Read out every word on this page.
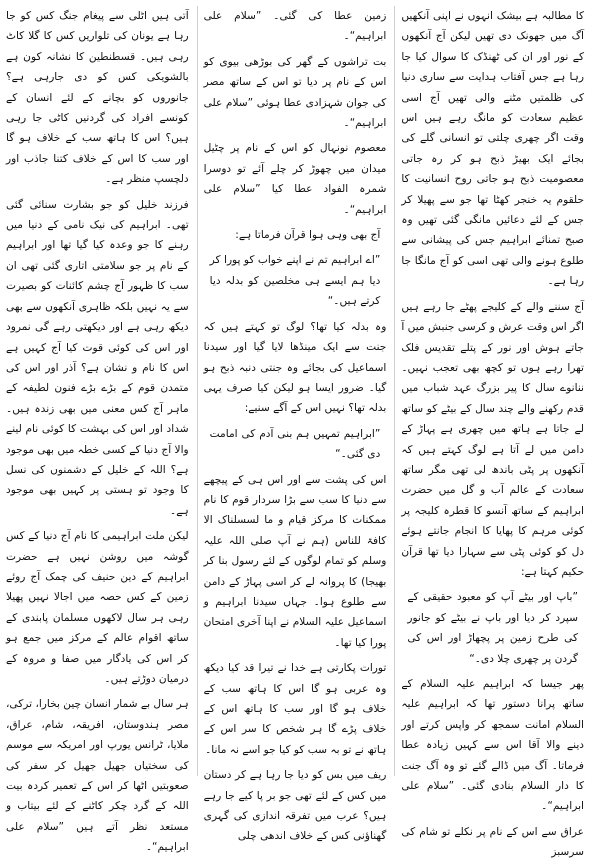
کا مطالبہ ہے بیشک انہوں نے اپنی آنکھیں آگ میں جھونک دی تھیں لیکن آج آنکھوں کے نور اور ان کی ٹھنڈک کا سوال کیا جا رہا ہے جس آفتاب ہدایت سے ساری دنیا کی ظلمتیں مٹنے والی تھیں آج اسی عظیم سعادت کو مانگ رہے ہیں اس وقت اگر چھری چلتی تو انسانی گلے کی بجائے ایک بھیڑ ذبح ہو کر رہ جاتی معصومیت ذبح ہو جاتی روح انسانیت کا حلقوم یہ خنجر کھٹا تھا جو سے پھیلا کر جس کے لئے دعائیں مانگی گئی تھیں وہ صبح تمنائے ابراہیم جس کی پیشانی سے طلوع ہونے والی تھی اسی کو آج مانگا جا رہا ہے۔

آج سننے والے کے کلیجے پھٹے جا رہے ہیں اگر اس وقت عرش و کرسی جنبش میں آ جاتے ہوش اور نور کے پتلے تقدیس فلک تھرا رہے ہوں تو کچھ بھی تعجب نہیں۔ ننانوے سال کا پیر بزرگ عہد شباب میں قدم رکھنے والے چند سال کے بیٹے کو ساتھ لے جاتا ہے ہاتھ میں چھری ہے پہاڑ کے دامن میں لے آتا ہے لوگ کہتے ہیں کہ آنکھوں پر پٹی باندھ لی تھی مگر ساتھ سعادت کے عالم آب و گل میں حضرت ابراہیم کے ساتھ آنسو کا قطرہ کلیجہ پر کوئی مرہم کا پھایا کا انجام جانتے ہوئے دل کو کوئی پٹی سے سہارا دیا تھا قرآن حکیم کہتا ہے:

”باپ اور بیٹے آپ کو معبود حقیقی کے سپرد کر دیا اور باپ نے بیٹے کو جانور کی طرح زمین پر پچھاڑ اور اس کی گردن پر چھری چلا دی۔“

پھر جیسا کہ ابراہیم علیہ السلام کے ساتھ پرانا دستور تھا کہ ابراہیم علیہ السلام امانت سمجھ کر واپس کرتے اور دینے والا آقا اس سے کہیں زیادہ عطا فرماتا۔ آگ میں ڈالے گئے تو وہ آگ جنت کا دار السلام بنادی گئی۔ ”سلام علی ابراہیم“۔

عراق سے اس کے نام پر نکلے تو شام کی سرسبز

زمین عطا کی گئی۔ ”سلام علی ابراہیم“۔

بت تراشوں کے گھر کی بوڑھی بیوی کو اس کے نام پر دیا تو اس کے ساتھ مصر کی جوان شہزادی عطا ہوئی ”سلام علی ابراہیم“۔

معصوم نونہال کو اس کے نام پر چٹیل میدان میں چھوڑ کر چلے آئے تو دوسرا شمرہ الفواد عطا کیا ”سلام علی ابراہیم“۔

آج بھی وہی ہوا قرآن فرماتا ہے:

”اے ابراہیم تم نے اپنے خواب کو پورا کر دیا ہم ایسے ہی مخلصین کو بدلہ دیا کرتے ہیں۔“

وہ بدلہ کیا تھا؟ لوگ تو کہتے ہیں کہ جنت سے ایک مینڈھا لایا گیا اور سیدنا اسماعیل کی بجائے وہ جنتی دنبہ ذبح ہو گیا۔ ضرور ایسا ہو لیکن کیا صرف یہی بدلہ تھا؟ نہیں اس کے آگے سنیے:

”ابراہیم تمہیں ہم بنی آدم کی امامت دی گئی۔“

اس کی پشت سے اور اس ہی کے پیچھے سے دنیا کا سب سے بڑا سردار قوم کا نام ممکنات کا مرکز قیام و ما لسسلناک الا کافۃ للناس (ہم نے آپ صلی اللہ علیہ وسلم کو تمام لوگوں کے لئے رسول بنا کر بھیجا) کا پروانہ لے کر اسی پہاڑ کے دامن سے طلوع ہوا۔ جہاں سیدنا ابراہیم و اسماعیل علیہ السلام نے اپنا آخری امتحان پورا کیا تھا۔

تورات پکارتی ہے خدا نے تیرا قد کیا دیکھ وہ عربی ہو گا اس کا ہاتھ سب کے خلاف ہو گا اور سب کا ہاتھ اس کے خلاف پڑے گا ہر شخص کا سر اس کے ہاتھ نے تو بہ سب کو کیا جو اسے نہ مانا۔

ریف میں بس کو دیا جا رہا ہے کر دستان میں کس کے لئے تھی جو بر پا کیے جا رہے ہیں؟ عرب میں تفرقہ اندازی کی گہری گھناؤنی کس کے خلاف اندھی چلی

آتی ہیں اٹلی سے پیغام جنگ کس کو جا رہا ہے یونان کی تلواریں کس کا گلا کاٹ رہی ہیں۔ قسطنطین کا نشانہ کون ہے بالشویکی کس کو دی جارہی ہے؟ جانوروں کو بچانے کے لئے انسان کے کونسے افراد کی گردنیں کاٹی جا رہی ہیں؟ اس کا ہاتھ سب کے خلاف ہو گا اور سب کا اس کے خلاف کتنا جاذب اور دلچسپ منظر ہے۔

فرزند خلیل کو جو بشارت سنائی گئی تھی۔ ابراہیم کی نیک نامی کے دنیا میں رہنے کا جو وعدہ کیا گیا تھا اور ابراہیم کے نام پر جو سلامتی اتاری گئی تھی ان سب کا ظہور آج چشم کائنات کو بصیرت سے یہ نہیں بلکہ ظاہری آنکھوں سے بھی دیکھ رہی ہے اور دیکھتی رہے گی نمرود اور اس کی کوئی قوت کیا آج کہیں ہے اس کا نام و نشان ہے؟ آذر اور اس کی متمدن قوم کے بڑے بڑے فنون لطیفہ کے ماہر آج کس معنی میں بھی زندہ ہیں۔ شداد اور اس کی بہشت کا کوئی نام لینے والا آج دنیا کے کسی خطہ میں بھی موجود ہے؟ اللہ کے خلیل کے دشمنوں کی نسل کا وجود تو ہستی پر کہیں بھی موجود ہے۔

لیکن ملت ابراہیمی کا نام آج دنیا کے کس گوشہ میں روشن نہیں ہے حضرت ابراہیم کے دین حنیف کی چمک آج روئے زمین کے کس حصہ میں اجالا نہیں پھیلا رہی ہر سال لاکھوں مسلمان پابندی کے ساتھ اقوام عالم کے مرکز میں جمع ہو کر اس کی یادگار میں صفا و مروہ کے درمیان دوڑتے ہیں۔

ہر سال بے شمار انسان چین بخارا، ترکی، مصر ہندوستان، افریقہ، شام، عراق، ملایا، ٹرانس یورپ اور امریکہ سے موسم کی سختیاں جھیل جھیل کر سفر کی صعوبتیں اٹھا کر اس کے تعمیر کردہ بیت اللہ کے گرد چکر کاٹنے کے لئے بیتاب و مستعد نظر آتے ہیں ”سلام علی ابراہیم“۔
